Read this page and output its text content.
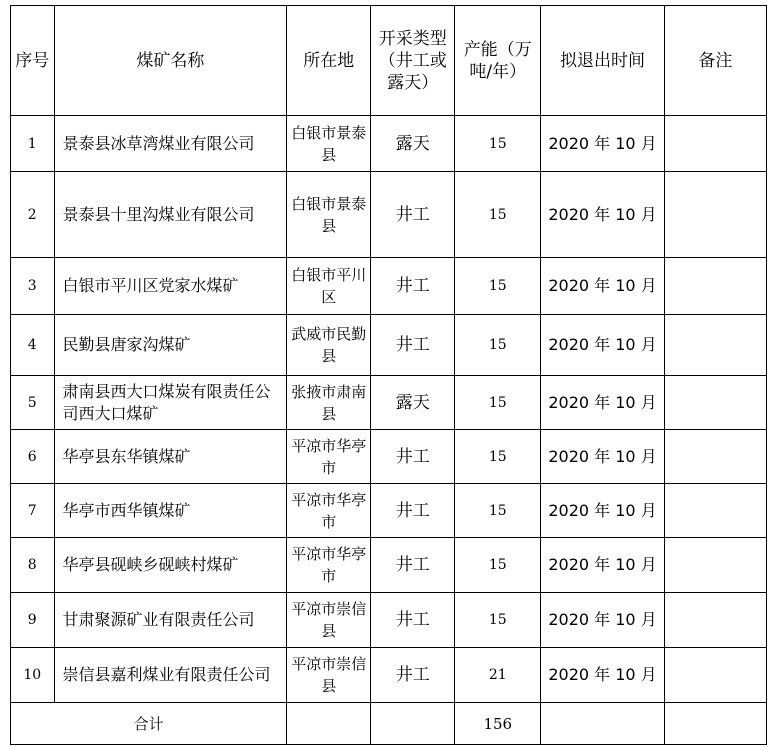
序号	煤矿名称	所在地	开采类型（井工或露天）	产能（万吨/年）	拟退出时间	备注
1	景泰县冰草湾煤业有限公司	白银市景泰县	露天	15	2020 年 10 月	
2	景泰县十里沟煤业有限公司	白银市景泰县	井工	15	2020 年 10 月	
3	白银市平川区党家水煤矿	白银市平川区	井工	15	2020 年 10 月	
4	民勤县唐家沟煤矿	武威市民勤县	井工	15	2020 年 10 月	
5	肃南县西大口煤炭有限责任公司西大口煤矿	张掖市肃南县	露天	15	2020 年 10 月	
6	华亭县东华镇煤矿	平凉市华亭市	井工	15	2020 年 10 月	
7	华亭市西华镇煤矿	平凉市华亭市	井工	15	2020 年 10 月	
8	华亭县砚峡乡砚峡村煤矿	平凉市华亭市	井工	15	2020 年 10 月	
9	甘肃聚源矿业有限责任公司	平凉市崇信县	井工	15	2020 年 10 月	
10	崇信县嘉利煤业有限责任公司	平凉市崇信县	井工	21	2020 年 10 月	
合计				156		
